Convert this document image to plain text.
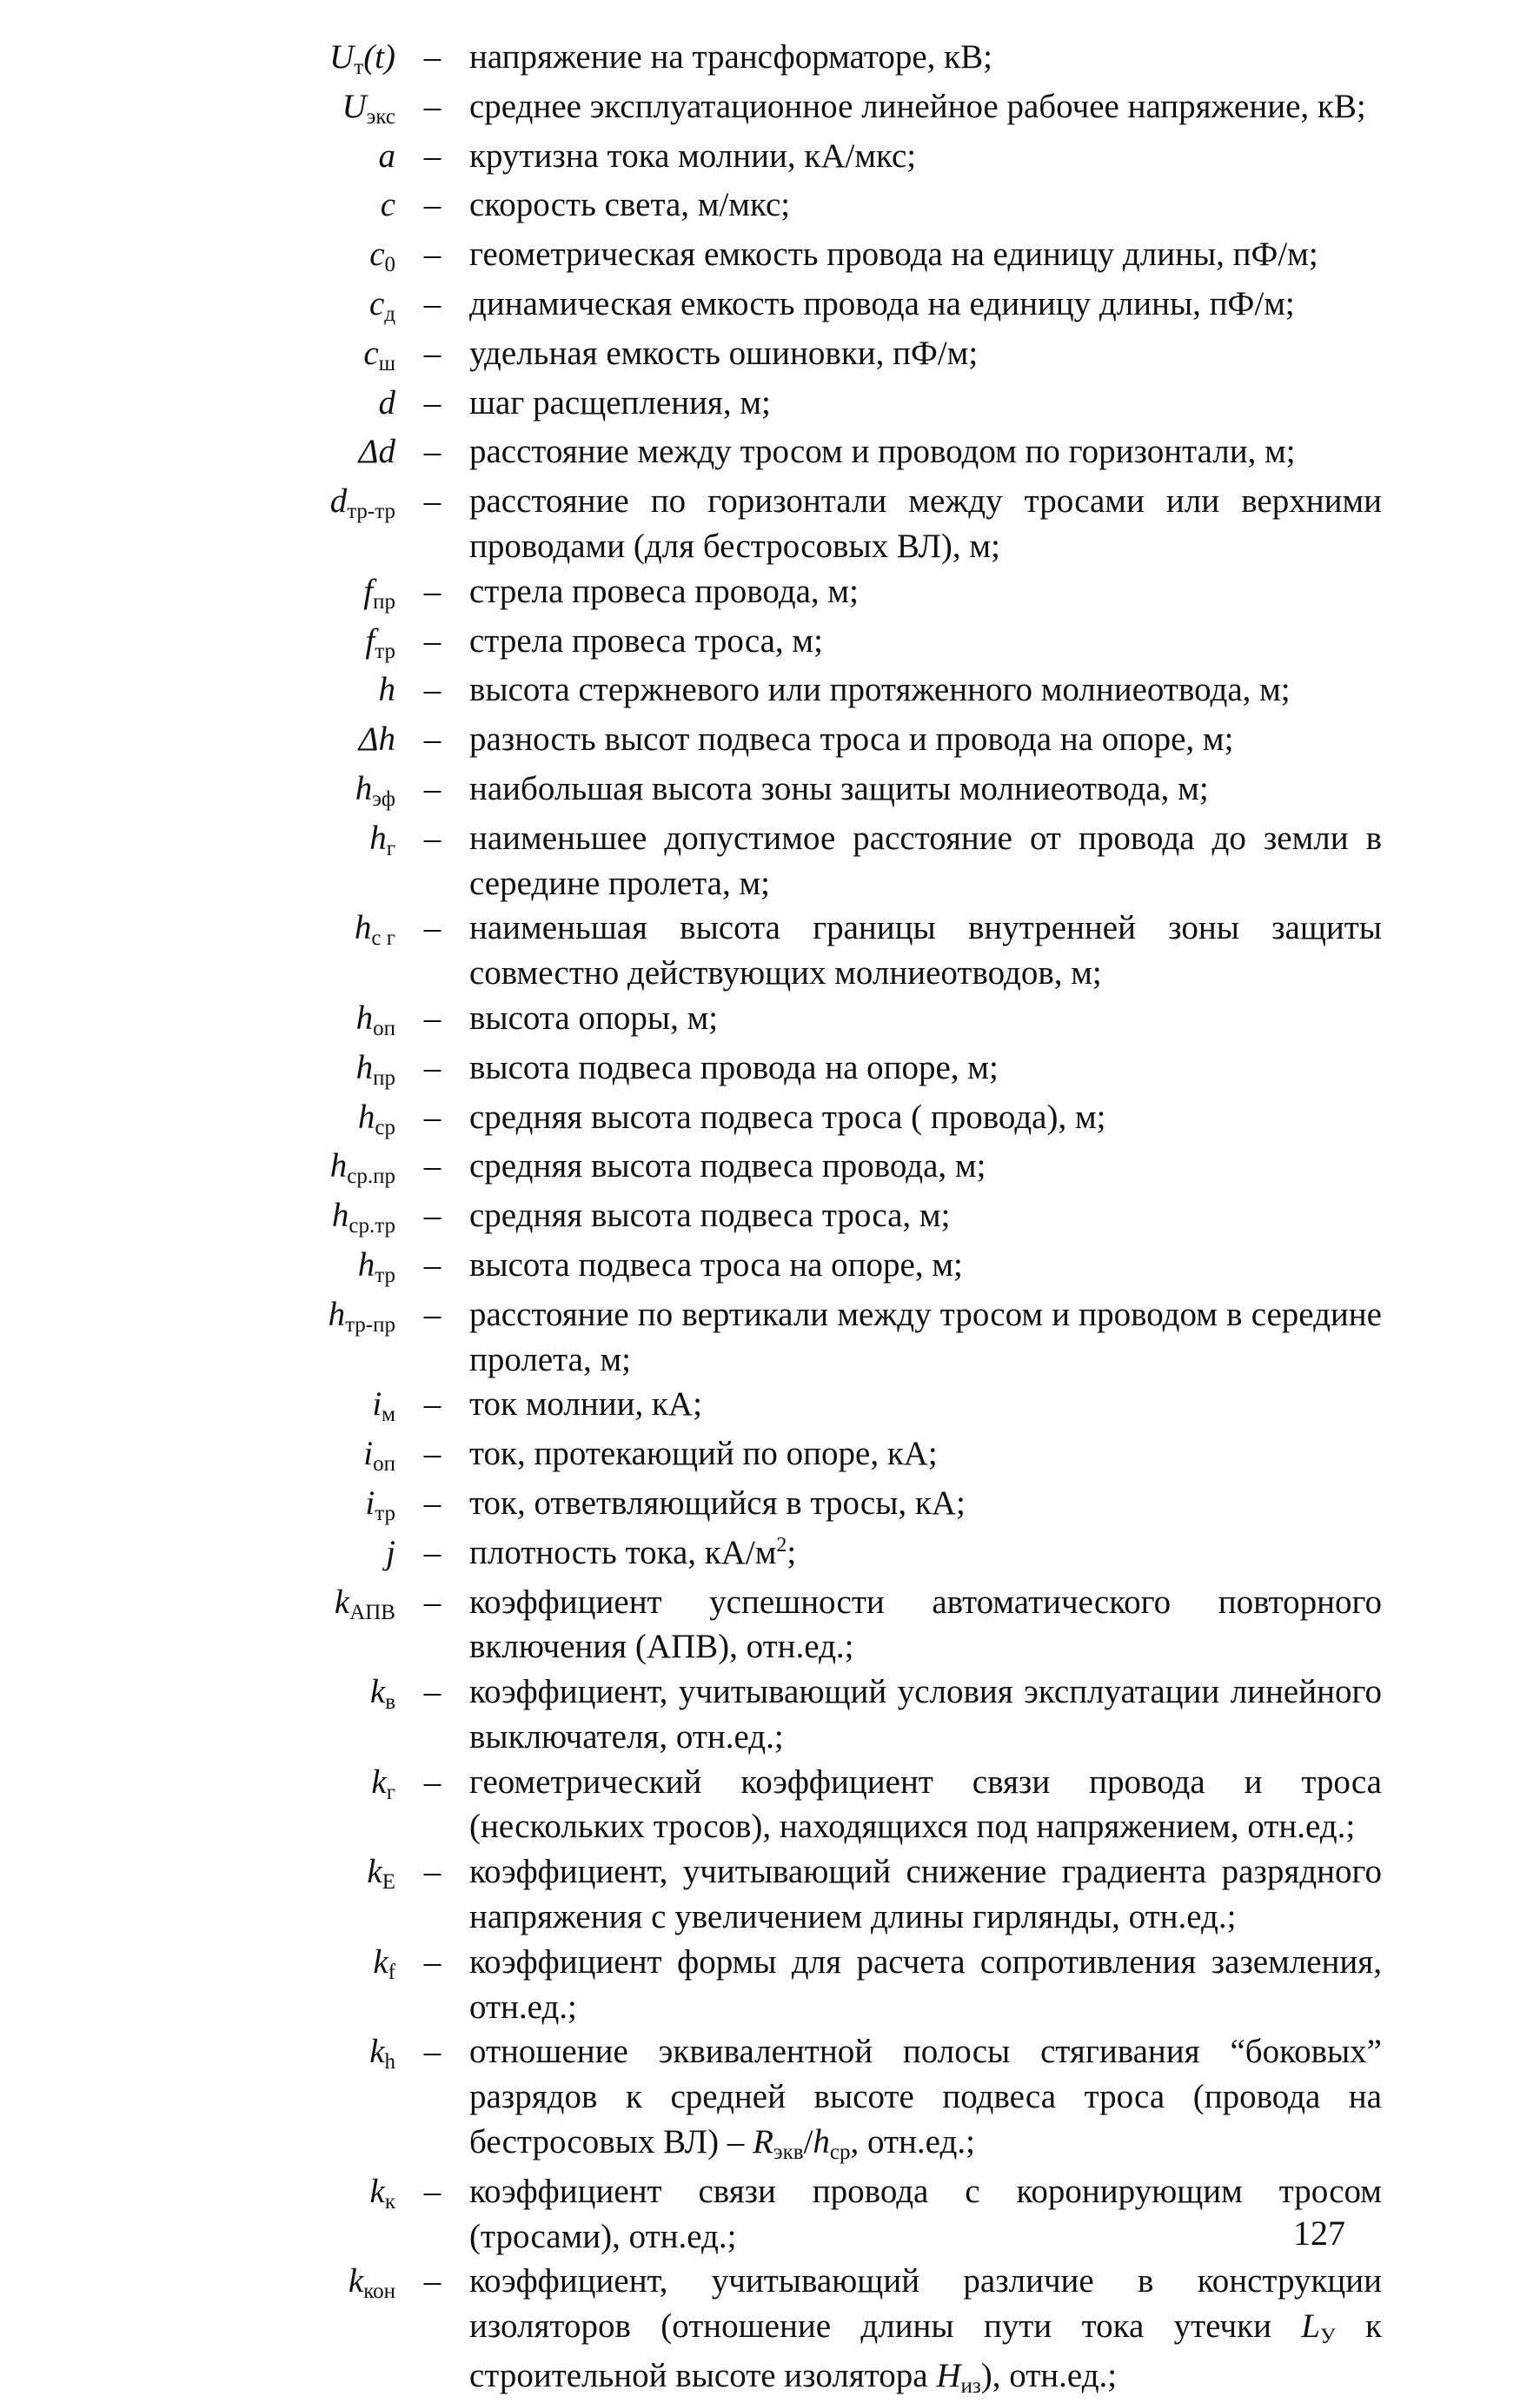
Uт(t) – напряжение на трансформаторе, кВ;
Uэкс – среднее эксплуатационное линейное рабочее напряжение, кВ;
a – крутизна тока молнии, кА/мкс;
c – скорость света, м/мкс;
c0 – геометрическая емкость провода на единицу длины, пФ/м;
cд – динамическая емкость провода на единицу длины, пФ/м;
cш – удельная емкость ошиновки, пФ/м;
d – шаг расщепления, м;
Δd – расстояние между тросом и проводом по горизонтали, м;
dтр-тр – расстояние по горизонтали между тросами или верхними проводами (для бестросовых ВЛ), м;
fпр – стрела провеса провода, м;
fтр – стрела провеса троса, м;
h – высота стержневого или протяженного молниеотвода, м;
Δh – разность высот подвеса троса и провода на опоре, м;
hэф – наибольшая высота зоны защиты молниеотвода, м;
hг – наименьшее допустимое расстояние от провода до земли в середине пролета, м;
hс г – наименьшая высота границы внутренней зоны защиты совместно действующих молниеотводов, м;
hоп – высота опоры, м;
hпр – высота подвеса провода на опоре, м;
hср – средняя высота подвеса троса ( провода), м;
hср.пр – средняя высота подвеса провода, м;
hср.тр – средняя высота подвеса троса, м;
hтр – высота подвеса троса на опоре, м;
hтр-пр – расстояние по вертикали между тросом и проводом в середине пролета, м;
iм – ток молнии, кА;
iоп – ток, протекающий по опоре, кА;
iтр – ток, ответвляющийся в тросы, кА;
j – плотность тока, $кА/м^2$;
kАПВ – коэффициент успешности автоматического повторного включения (АПВ), отн.ед.;
kв – коэффициент, учитывающий условия эксплуатации линейного выключателя, отн.ед.;
kг – геометрический коэффициент связи провода и троса (нескольких тросов), находящихся под напряжением, отн.ед.;
kE – коэффициент, учитывающий снижение градиента разрядного напряжения с увеличением длины гирлянды, отн.ед.;
kf – коэффициент формы для расчета сопротивления заземления, отн.ед.;
kh – отношение эквивалентной полосы стягивания “боковых” разрядов к средней высоте подвеса троса (провода на бестросовых ВЛ) – Rэкв/hср, отн.ед.;
kк – коэффициент связи провода с коронирующим тросом (тросами), отн.ед.;
kкон – коэффициент, учитывающий различие в конструкции изоляторов (отношение длины пути тока утечки LУ к строительной высоте изолятора Hиз), отн.ед.;
127
